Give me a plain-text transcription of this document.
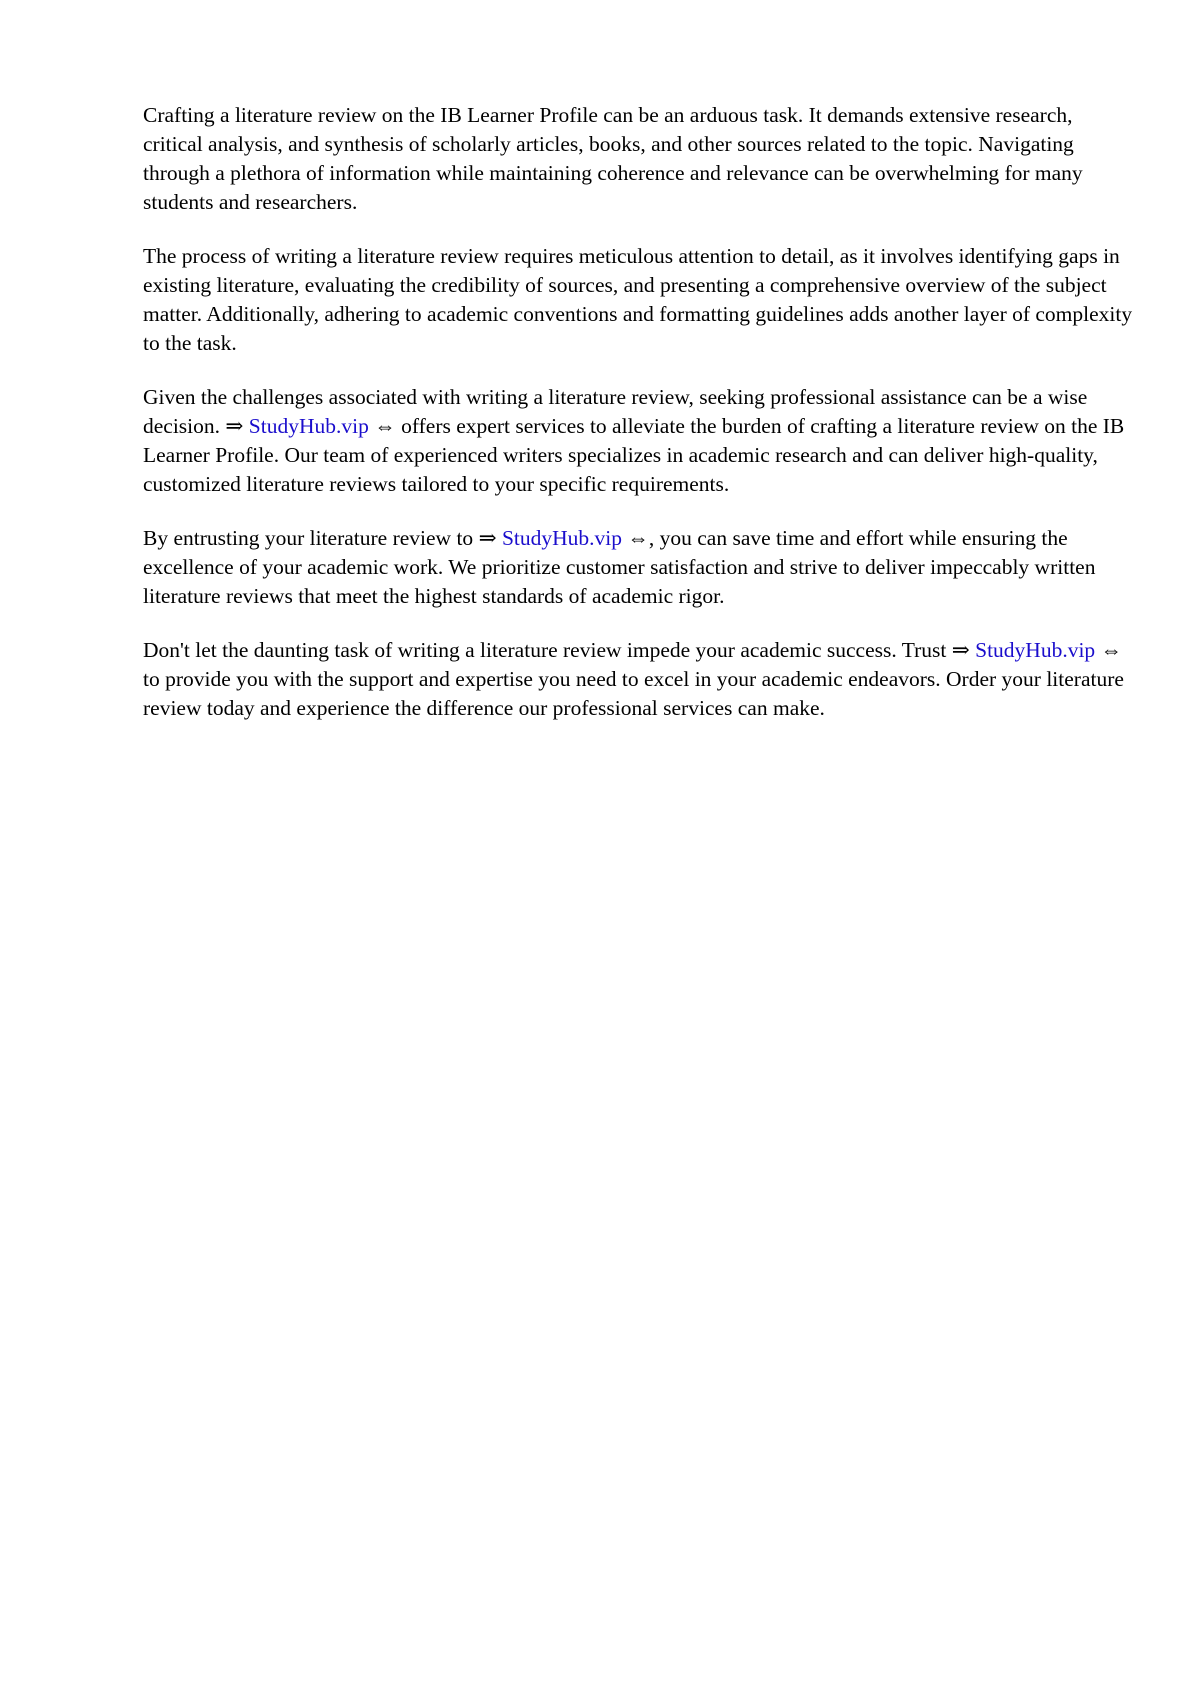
Crafting a literature review on the IB Learner Profile can be an arduous task. It demands extensive research, critical analysis, and synthesis of scholarly articles, books, and other sources related to the topic. Navigating through a plethora of information while maintaining coherence and relevance can be overwhelming for many students and researchers.

The process of writing a literature review requires meticulous attention to detail, as it involves identifying gaps in existing literature, evaluating the credibility of sources, and presenting a comprehensive overview of the subject matter. Additionally, adhering to academic conventions and formatting guidelines adds another layer of complexity to the task.

Given the challenges associated with writing a literature review, seeking professional assistance can be a wise decision. ⇒ StudyHub.vip ⇔ offers expert services to alleviate the burden of crafting a literature review on the IB Learner Profile. Our team of experienced writers specializes in academic research and can deliver high-quality, customized literature reviews tailored to your specific requirements.

By entrusting your literature review to ⇒ StudyHub.vip ⇔, you can save time and effort while ensuring the excellence of your academic work. We prioritize customer satisfaction and strive to deliver impeccably written literature reviews that meet the highest standards of academic rigor.

Don't let the daunting task of writing a literature review impede your academic success. Trust ⇒ StudyHub.vip ⇔ to provide you with the support and expertise you need to excel in your academic endeavors. Order your literature review today and experience the difference our professional services can make.
